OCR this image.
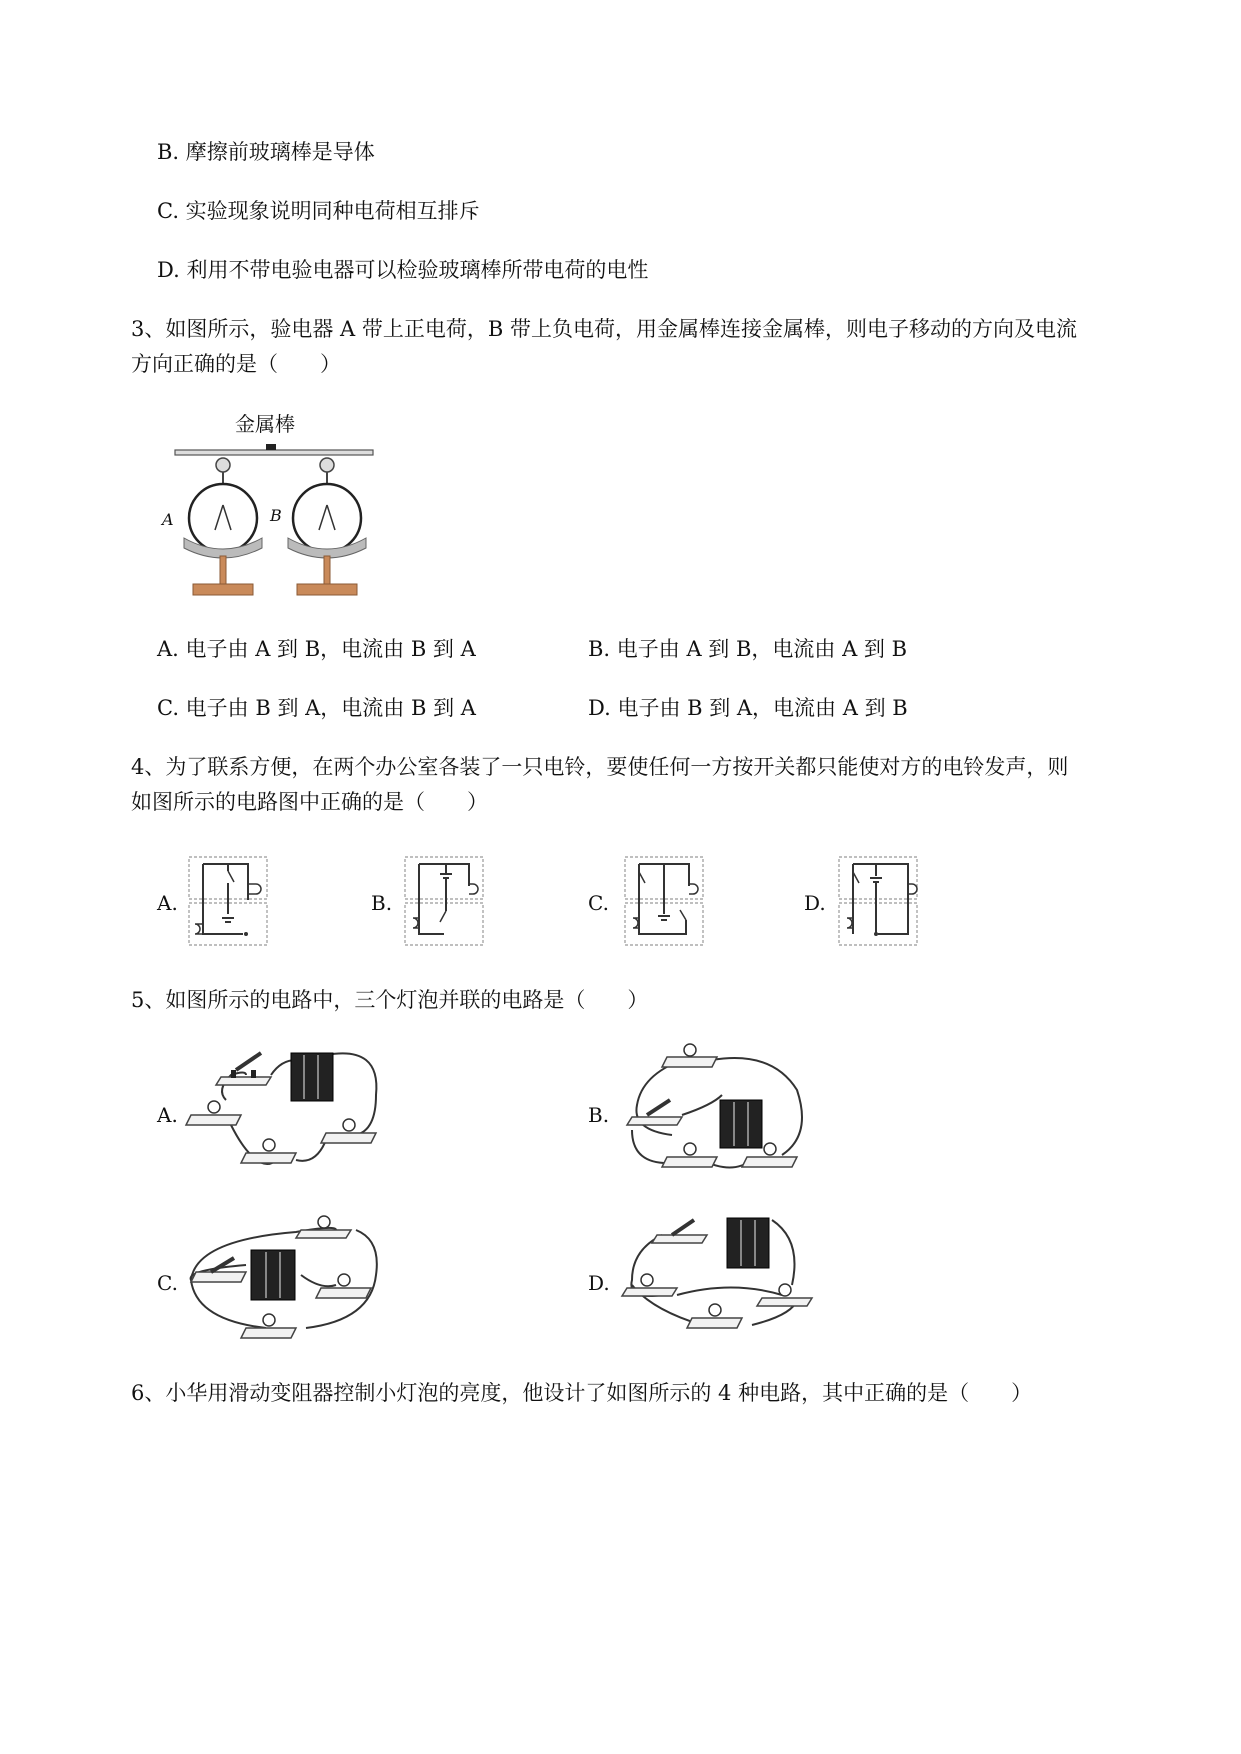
B. 摩擦前玻璃棒是导体
C. 实验现象说明同种电荷相互排斥
D. 利用不带电验电器可以检验玻璃棒所带电荷的电性
3、如图所示，验电器 A 带上正电荷，B 带上负电荷，用金属棒连接金属棒，则电子移动的方向及电流
方向正确的是（　　）
金属棒
A	B
A. 电子由 A 到 B，电流由 B 到 A	B. 电子由 A 到 B，电流由 A 到 B
C. 电子由 B 到 A，电流由 B 到 A	D. 电子由 B 到 A，电流由 A 到 B
4、为了联系方便，在两个办公室各装了一只电铃，要使任何一方按开关都只能使对方的电铃发声，则
如图所示的电路图中正确的是（　　）
A.	B.	C.	D.
5、如图所示的电路中，三个灯泡并联的电路是（　　）
A.	B.
C.	D.
6、小华用滑动变阻器控制小灯泡的亮度，他设计了如图所示的 4 种电路，其中正确的是（　　）
